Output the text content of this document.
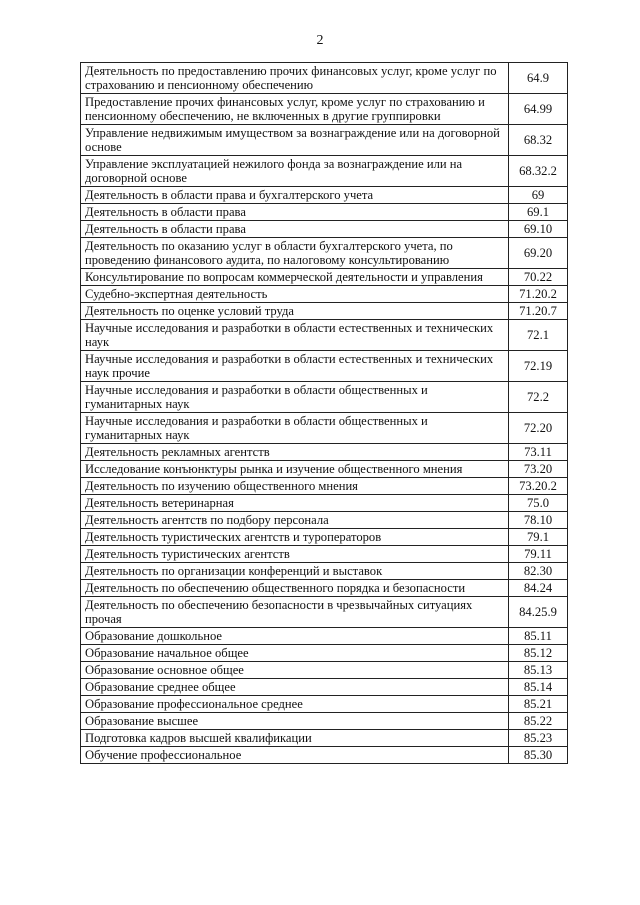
2
Деятельность по предоставлению прочих финансовых услуг, кроме услуг по страхованию и пенсионному обеспечению	64.9
Предоставление прочих финансовых услуг, кроме услуг по страхованию и пенсионному обеспечению, не включенных в другие группировки	64.99
Управление недвижимым имуществом за вознаграждение или на договорной основе	68.32
Управление эксплуатацией нежилого фонда за вознаграждение или на договорной основе	68.32.2
Деятельность в области права и бухгалтерского учета	69
Деятельность в области права	69.1
Деятельность в области права	69.10
Деятельность по оказанию услуг в области бухгалтерского учета, по проведению финансового аудита, по налоговому консультированию	69.20
Консультирование по вопросам коммерческой деятельности и управления	70.22
Судебно-экспертная деятельность	71.20.2
Деятельность по оценке условий труда	71.20.7
Научные исследования и разработки в области естественных и технических наук	72.1
Научные исследования и разработки в области естественных и технических наук прочие	72.19
Научные исследования и разработки в области общественных и гуманитарных наук	72.2
Научные исследования и разработки в области общественных и гуманитарных наук	72.20
Деятельность рекламных агентств	73.11
Исследование конъюнктуры рынка и изучение общественного мнения	73.20
Деятельность по изучению общественного мнения	73.20.2
Деятельность ветеринарная	75.0
Деятельность агентств по подбору персонала	78.10
Деятельность туристических агентств и туроператоров	79.1
Деятельность туристических агентств	79.11
Деятельность по организации конференций и выставок	82.30
Деятельность по обеспечению общественного порядка и безопасности	84.24
Деятельность по обеспечению безопасности в чрезвычайных ситуациях прочая	84.25.9
Образование дошкольное	85.11
Образование начальное общее	85.12
Образование основное общее	85.13
Образование среднее общее	85.14
Образование профессиональное среднее	85.21
Образование высшее	85.22
Подготовка кадров высшей квалификации	85.23
Обучение профессиональное	85.30
